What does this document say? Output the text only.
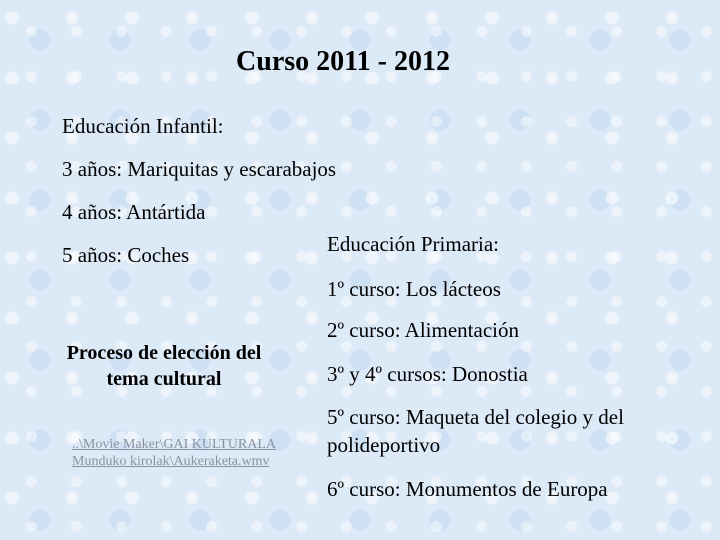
Curso 2011 - 2012
Educación Infantil:
3 años: Mariquitas y escarabajos
4 años: Antártida
5 años: Coches
Proceso de elección del tema cultural
..\Movie Maker\GAI KULTURALA Munduko kirolak\Aukeraketa.wmv
Educación Primaria:
1º curso: Los lácteos
2º curso: Alimentación
3º y 4º cursos: Donostia
5º curso: Maqueta del colegio y del polideportivo
6º curso: Monumentos de Europa
